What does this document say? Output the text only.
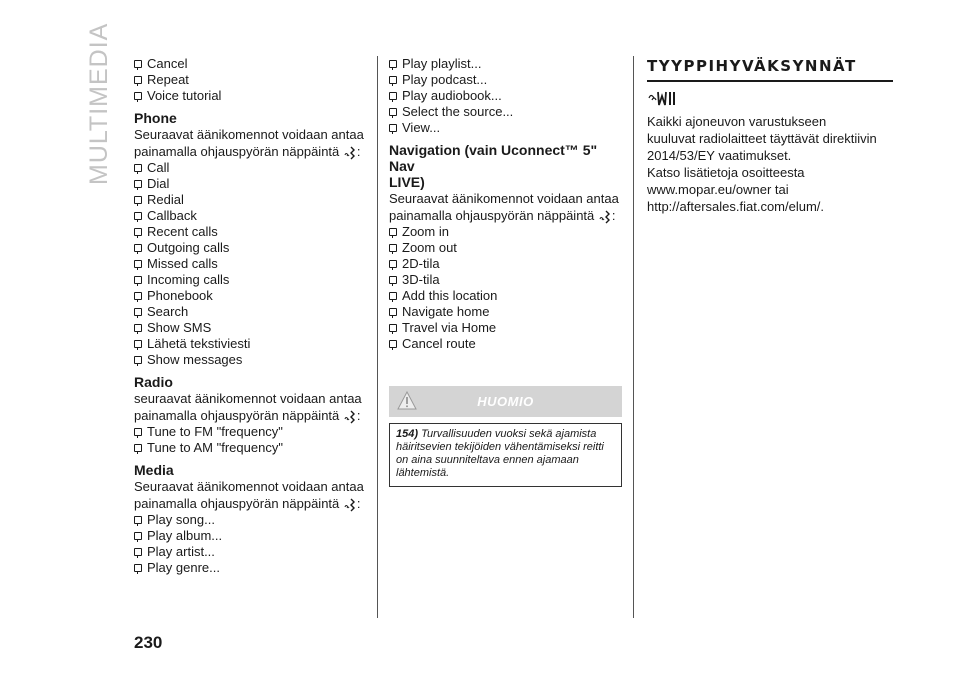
MULTIMEDIA	Cancel
Repeat
Voice tutorial
Phone

Seuraavat äänikomennot voidaan antaa
painamalla ohjauspyörän näppäintä :

Call
Dial
Redial
Callback
Recent calls
Outgoing calls
Missed calls
Incoming calls
Phonebook
Search
Show SMS
Lähetä tekstiviesti
Show messages
Radio

seuraavat äänikomennot voidaan antaa
painamalla ohjauspyörän näppäintä :

Tune to FM "frequency"
Tune to AM "frequency"
Media

Seuraavat äänikomennot voidaan antaa
painamalla ohjauspyörän näppäintä :

Play song...
Play album...
Play artist...
Play genre...
Play playlist...
Play podcast...
Play audiobook...
Select the source...
View...
Navigation (vain Uconnect™ 5" Nav
LIVE)

Seuraavat äänikomennot voidaan antaa
painamalla ohjauspyörän näppäintä :

Zoom in
Zoom out
2D-tila
3D-tila
Add this location
Navigate home
Travel via Home
Cancel route
HUOMIO
154) Turvallisuuden vuoksi sekä ajamista häiritsevien tekijöiden vähentämiseksi reitti on aina suunniteltava ennen ajamaan lähtemistä.
TYYPPIHYVÄKSYNNÄT

Kaikki ajoneuvon varustukseen
kuuluvat radiolaitteet täyttävät direktiivin
2014/53/EY vaatimukset.
Katso lisätietoja osoitteesta
www.mopar.eu/owner tai
http://aftersales.fiat.com/elum/.

230
